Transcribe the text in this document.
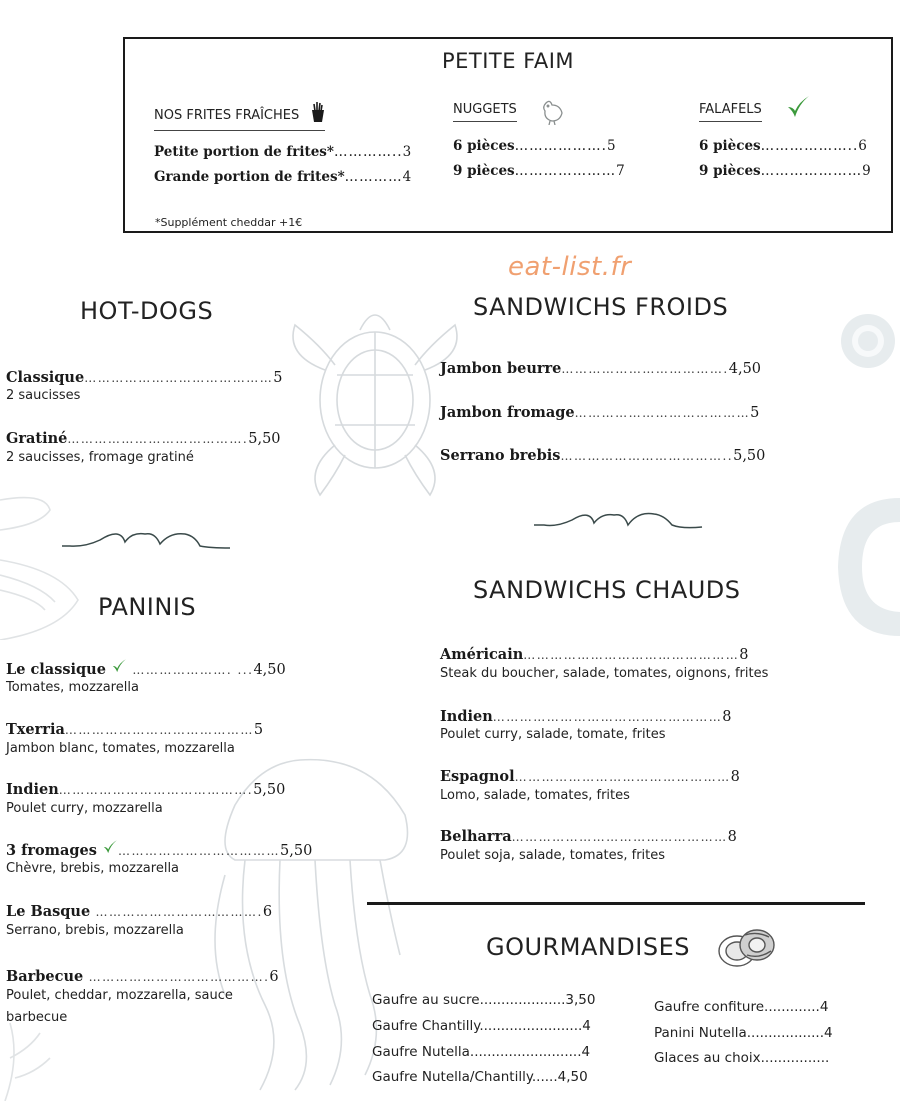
PETITE FAIM
NOS FRITES FRAÎCHES
Petite portion de frites*…………..3
Grande portion de frites*…………4
NUGGETS
6 pièces……………….5
9 pièces…………………7
FALAFELS
6 pièces………………..6
9 pièces…………………9
*Supplément cheddar +1€
eat-list.fr
HOT-DOGS
Classique……………………………………5
2 saucisses
Gratiné………………………………….5,50
2 saucisses, fromage gratiné
SANDWICHS FROIDS
Jambon beurre……………………………….4,50
Jambon fromage…………………………………5
Serrano brebis………………………………..5,50
PANINIS
Le classique  …………………. ...4,50
Tomates, mozzarella
Txerria……………………………………5
Jambon blanc, tomates, mozzarella
Indien…………………………………….5,50
Poulet curry, mozzarella
3 fromages ………………………………5,50
Chèvre, brebis, mozzarella
Le Basque ……………………………….6
Serrano, brebis, mozzarella
Barbecue ………………………………….6
Poulet, cheddar, mozzarella, sauce
barbecue
SANDWICHS CHAUDS
Américain…………………………………………8
Steak du boucher, salade, tomates, oignons, frites
Indien……………………………………………8
Poulet curry, salade, tomate, frites
Espagnol…………………………………………8
Lomo, salade, tomates, frites
Belharra…………………………………………8
Poulet soja, salade, tomates, frites
GOURMANDISES
Gaufre au sucre....................3,50
Gaufre Chantilly........................4
Gaufre Nutella..........................4
Gaufre Nutella/Chantilly......4,50
Gaufre confiture.............4
Panini Nutella..................4
Glaces au choix................
